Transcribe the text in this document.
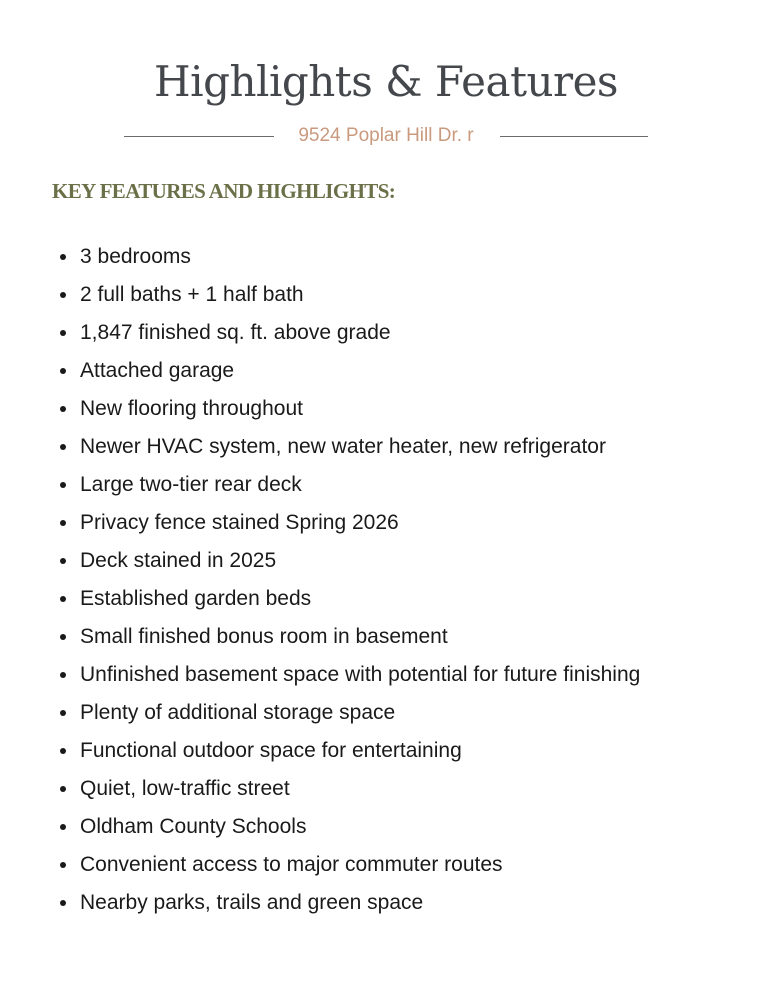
Highlights & Features
9524 Poplar Hill Dr. r
KEY FEATURES AND HIGHLIGHTS:
3 bedrooms
2 full baths + 1 half bath
1,847 finished sq. ft. above grade
Attached garage
New flooring throughout
Newer HVAC system, new water heater, new refrigerator
Large two-tier rear deck
Privacy fence stained Spring 2026
Deck stained in 2025
Established garden beds
Small finished bonus room in basement
Unfinished basement space with potential for future finishing
Plenty of additional storage space
Functional outdoor space for entertaining
Quiet, low-traffic street
Oldham County Schools
Convenient access to major commuter routes
Nearby parks, trails and green space
